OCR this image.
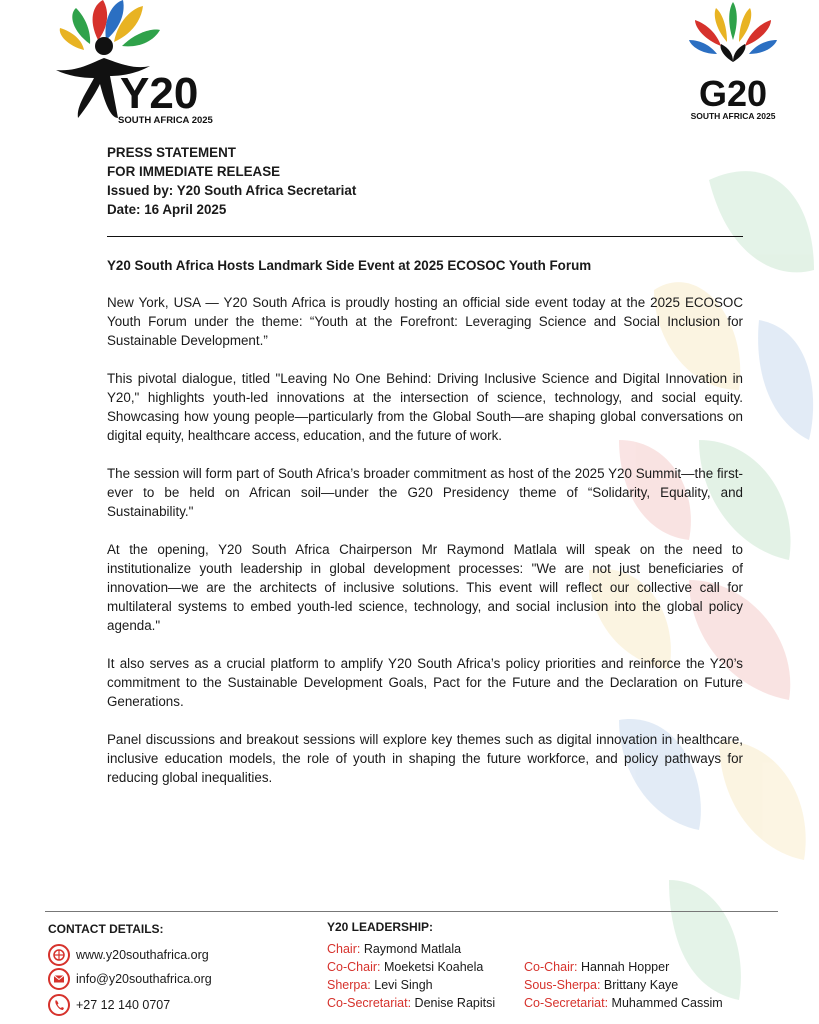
Y20
SOUTH AFRICA 2025
G20
SOUTH AFRICA 2025
PRESS STATEMENT
FOR IMMEDIATE RELEASE
Issued by: Y20 South Africa Secretariat
Date: 16 April 2025
Y20 South Africa Hosts Landmark Side Event at 2025 ECOSOC Youth Forum

New York, USA — Y20 South Africa is proudly hosting an official side event today at the 2025 ECOSOC Youth Forum under the theme: “Youth at the Forefront: Leveraging Science and Social Inclusion for Sustainable Development.”

This pivotal dialogue, titled "Leaving No One Behind: Driving Inclusive Science and Digital Innovation in Y20," highlights youth-led innovations at the intersection of science, technology, and social equity. Showcasing how young people—particularly from the Global South—are shaping global conversations on digital equity, healthcare access, education, and the future of work.

The session will form part of South Africa’s broader commitment as host of the 2025 Y20 Summit—the first-ever to be held on African soil—under the G20 Presidency theme of “Solidarity, Equality, and Sustainability."

At the opening, Y20 South Africa Chairperson Mr Raymond Matlala will speak on the need to institutionalize youth leadership in global development processes: "We are not just beneficiaries of innovation—we are the architects of inclusive solutions. This event will reflect our collective call for multilateral systems to embed youth-led science, technology, and social inclusion into the global policy agenda."

It also serves as a crucial platform to amplify Y20 South Africa’s policy priorities and reinforce the Y20’s commitment to the Sustainable Development Goals, Pact for the Future and the Declaration on Future Generations.

Panel discussions and breakout sessions will explore key themes such as digital innovation in healthcare, inclusive education models, the role of youth in shaping the future workforce, and policy pathways for reducing global inequalities.

CONTACT DETAILS:
www.y20southafrica.org
info@y20southafrica.org
+27 12 140 0707
Y20 LEADERSHIP:
Chair: Raymond Matlala
Co-Chair: Moeketsi Koahela	Co-Chair: Hannah Hopper
Sherpa: Levi Singh	Sous-Sherpa: Brittany Kaye
Co-Secretariat: Denise Rapitsi Co-Secretariat: Muhammed Cassim
